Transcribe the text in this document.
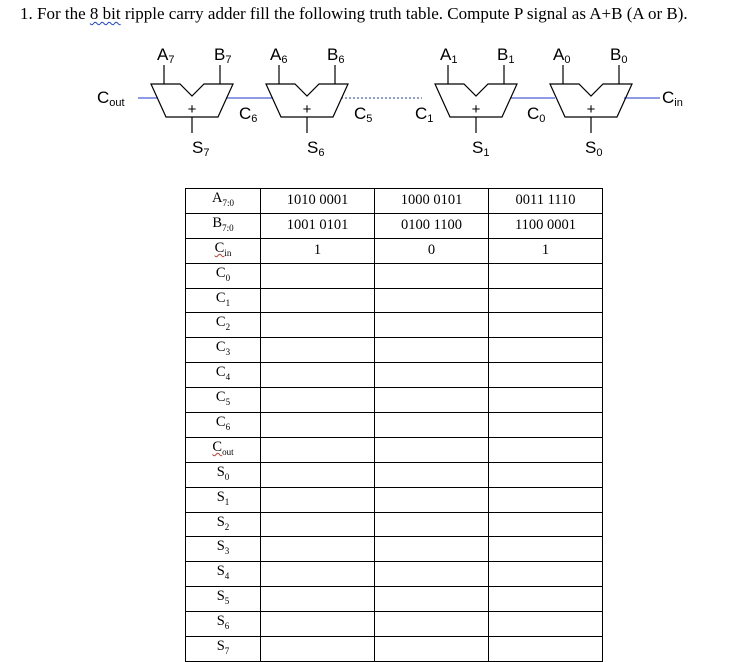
1. For the 8 bit ripple carry adder fill the following truth table. Compute P signal as A+B (A or B).
+	+	+	+
A7 B7 A6 B6	A1 B1 A0 B0
S7	S6	S1	S0
Cout	Cin
C6	C5	C1	C0
$A_{7:0}$	1010 0001	1000 0101	0011 1110
$B_{7:0}$	1001 0101	0100 1100	1100 0001
$C_{in}$	1	0	1
$C_0$			
$C_1$			
$C_2$			
$C_3$			
$C_4$			
$C_5$			
$C_6$			
$C_{out}$			
$S_0$			
$S_1$			
$S_2$			
$S_3$			
$S_4$			
$S_5$			
$S_6$			
$S_7$			
